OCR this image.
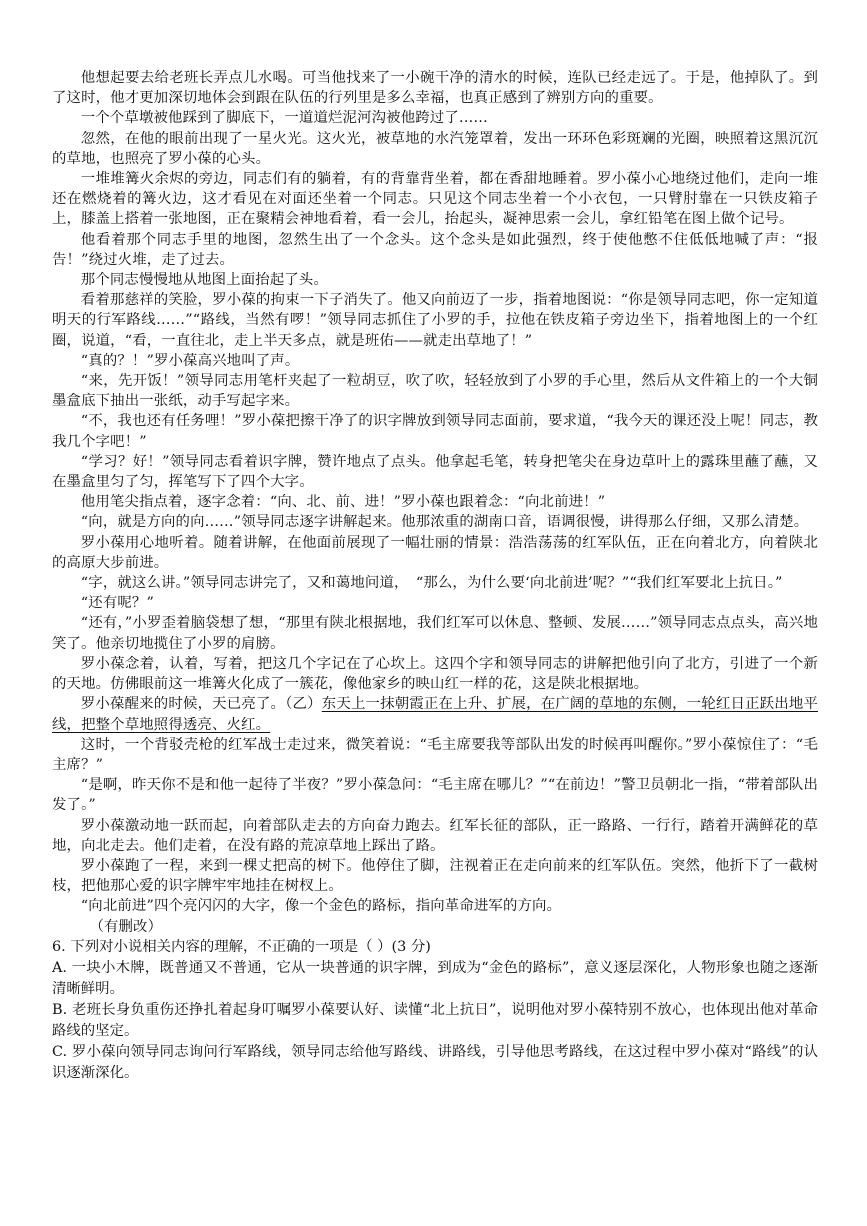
他想起要去给老班长弄点儿水喝。可当他找来了一小碗干净的清水的时候，连队已经走远了。于是，他掉队了。到了这时，他才更加深切地体会到跟在队伍的行列里是多么幸福，也真正感到了辨别方向的重要。

一个个草墩被他踩到了脚底下，一道道烂泥河沟被他跨过了……

忽然，在他的眼前出现了一星火光。这火光，被草地的水汽笼罩着，发出一环环色彩斑斓的光圈，映照着这黑沉沉的草地，也照亮了罗小葆的心头。

一堆堆篝火余烬的旁边，同志们有的躺着，有的背靠背坐着，都在香甜地睡着。罗小葆小心地绕过他们，走向一堆还在燃烧着的篝火边，这才看见在对面还坐着一个同志。只见这个同志坐着一个小衣包，一只臂肘靠在一只铁皮箱子上，膝盖上搭着一张地图，正在聚精会神地看着，看一会儿，抬起头，凝神思索一会儿，拿红铅笔在图上做个记号。

他看着那个同志手里的地图，忽然生出了一个念头。这个念头是如此强烈，终于使他憋不住低低地喊了声：“报告！”绕过火堆，走了过去。

那个同志慢慢地从地图上面抬起了头。

看着那慈祥的笑脸，罗小葆的拘束一下子消失了。他又向前迈了一步，指着地图说：“你是领导同志吧，你一定知道明天的行军路线……”“路线，当然有啰！”领导同志抓住了小罗的手，拉他在铁皮箱子旁边坐下，指着地图上的一个红圈，说道，“看，一直往北，走上半天多点，就是班佑——就走出草地了！”

“真的？！”罗小葆高兴地叫了声。

“来，先开饭！”领导同志用笔杆夹起了一粒胡豆，吹了吹，轻轻放到了小罗的手心里，然后从文件箱上的一个大铜墨盒底下抽出一张纸，动手写起字来。

“不，我也还有任务哩！”罗小葆把擦干净了的识字牌放到领导同志面前，要求道，“我今天的课还没上呢！同志，教我几个字吧！”

“学习？好！”领导同志看着识字牌，赞许地点了点头。他拿起毛笔，转身把笔尖在身边草叶上的露珠里蘸了蘸，又在墨盒里匀了匀，挥笔写下了四个大字。

他用笔尖指点着，逐字念着：“向、北、前、进！”罗小葆也跟着念：“向北前进！”

“向，就是方向的向……”领导同志逐字讲解起来。他那浓重的湖南口音，语调很慢，讲得那么仔细，又那么清楚。

罗小葆用心地听着。随着讲解，在他面前展现了一幅壮丽的情景：浩浩荡荡的红军队伍，正在向着北方，向着陕北的高原大步前进。

“字，就这么讲。”领导同志讲完了，又和蔼地问道，　“那么，为什么要‘向北前进’呢？”“我们红军要北上抗日。”

“还有呢？”

“还有，”小罗歪着脑袋想了想，“那里有陕北根据地，我们红军可以休息、整顿、发展……”领导同志点点头，高兴地笑了。他亲切地揽住了小罗的肩膀。

罗小葆念着，认着，写着，把这几个字记在了心坎上。这四个字和领导同志的讲解把他引向了北方，引进了一个新的天地。仿佛眼前这一堆篝火化成了一簇花，像他家乡的映山红一样的花，这是陕北根据地。

罗小葆醒来的时候，天已亮了。（乙）东天上一抹朝霞正在上升、扩展，在广阔的草地的东侧，一轮红日正跃出地平线，把整个草地照得透亮、火红。

这时，一个背驳壳枪的红军战士走过来，微笑着说：“毛主席要我等部队出发的时候再叫醒你。”罗小葆惊住了：“毛主席？”

“是啊，昨天你不是和他一起待了半夜？”罗小葆急问：“毛主席在哪儿？”“在前边！”警卫员朝北一指，“带着部队出发了。”

罗小葆激动地一跃而起，向着部队走去的方向奋力跑去。红军长征的部队，正一路路、一行行，踏着开满鲜花的草地，向北走去。他们走着，在没有路的荒凉草地上踩出了路。

罗小葆跑了一程，来到一棵丈把高的树下。他停住了脚，注视着正在走向前来的红军队伍。突然，他折下了一截树枝，把他那心爱的识字牌牢牢地挂在树杈上。

“向北前进”四个亮闪闪的大字，像一个金色的路标，指向革命进军的方向。

（有删改）

6. 下列对小说相关内容的理解，不正确的一项是（ ）(3 分)

A. 一块小木牌，既普通又不普通，它从一块普通的识字牌，到成为“金色的路标”，意义逐层深化，人物形象也随之逐渐清晰鲜明。

B. 老班长身负重伤还挣扎着起身叮嘱罗小葆要认好、读懂“北上抗日”，说明他对罗小葆特别不放心，也体现出他对革命路线的坚定。

C. 罗小葆向领导同志询问行军路线，领导同志给他写路线、讲路线，引导他思考路线，在这过程中罗小葆对“路线”的认识逐渐深化。
